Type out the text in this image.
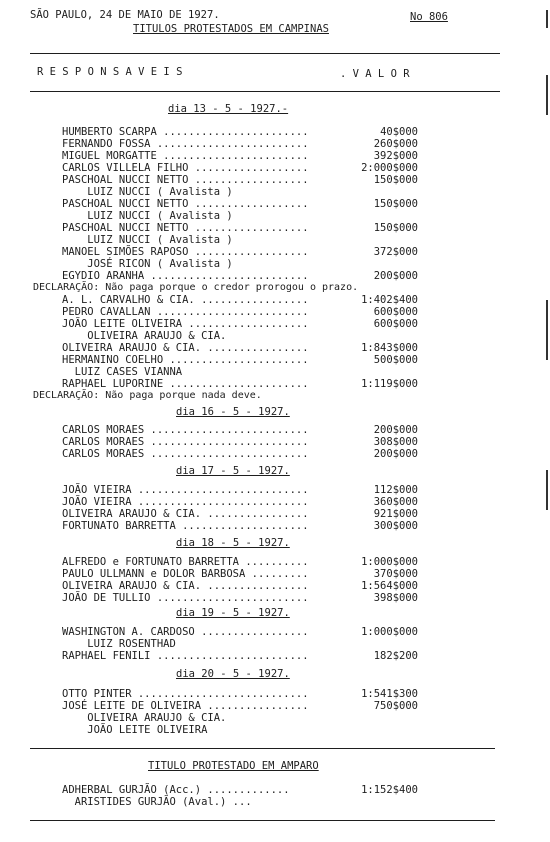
SÃO PAULO, 24 DE MAIO DE 1927.	No 806
TITULOS PROTESTADOS EM CAMPINAS
R E S P O N S A V E I S	. V A L O R
dia 13 - 5 - 1927.-
HUMBERTO SCARPA .......................	40$000
FERNANDO FOSSA ........................	260$000
MIGUEL MORGATTE .......................	392$000
CARLOS VILLELA FILHO ..................	2:000$000
PASCHOAL NUCCI NETTO ..................	150$000
LUIZ NUCCI ( Avalista )
PASCHOAL NUCCI NETTO ..................	150$000
LUIZ NUCCI ( Avalista )
PASCHOAL NUCCI NETTO ..................	150$000
LUIZ NUCCI ( Avalista )
MANOEL SIMÕES RAPOSO ..................	372$000
JOSÉ RICON ( Avalista )
EGYDIO ARANHA .........................	200$000
DECLARAÇÃO: Não paga porque o credor prorogou o prazo.
A. L. CARVALHO & CIA. .................	1:402$400
PEDRO CAVALLAN ........................	600$000
JOÃO LEITE OLIVEIRA ...................	600$000
OLIVEIRA ARAUJO & CIA.
OLIVEIRA ARAUJO & CIA. ................	1:843$000
HERMANINO COELHO ......................	500$000
LUIZ CASES VIANNA
RAPHAEL LUPORINE ......................	1:119$000
DECLARAÇÃO: Não paga porque nada deve.
dia 16 - 5 - 1927.
CARLOS MORAES .........................	200$000
CARLOS MORAES .........................	308$000
CARLOS MORAES .........................	200$000
dia 17 - 5 - 1927.
JOÃO VIEIRA ...........................	112$000
JOÃO VIEIRA ...........................	360$000
OLIVEIRA ARAUJO & CIA. ................	921$000
FORTUNATO BARRETTA ....................	300$000
dia 18 - 5 - 1927.
ALFREDO e FORTUNATO BARRETTA ..........	1:000$000
PAULO ULLMANN e DOLOR BARBOSA .........	370$000
OLIVEIRA ARAUJO & CIA. ................	1:564$000
JOÃO DE TULLIO ........................	398$000
dia 19 - 5 - 1927.
WASHINGTON A. CARDOSO .................	1:000$000
LUIZ ROSENTHAD
RAPHAEL FENILI ........................	182$200
dia 20 - 5 - 1927.
OTTO PINTER ...........................	1:541$300
JOSÉ LEITE DE OLIVEIRA ................	750$000
OLIVEIRA ARAUJO & CIA.
JOÃO LEITE OLIVEIRA
TITULO PROTESTADO EM AMPARO
ADHERBAL GURJÃO (Acc.) .............	1:152$400
ARISTIDES GURJÃO (Aval.) ...
